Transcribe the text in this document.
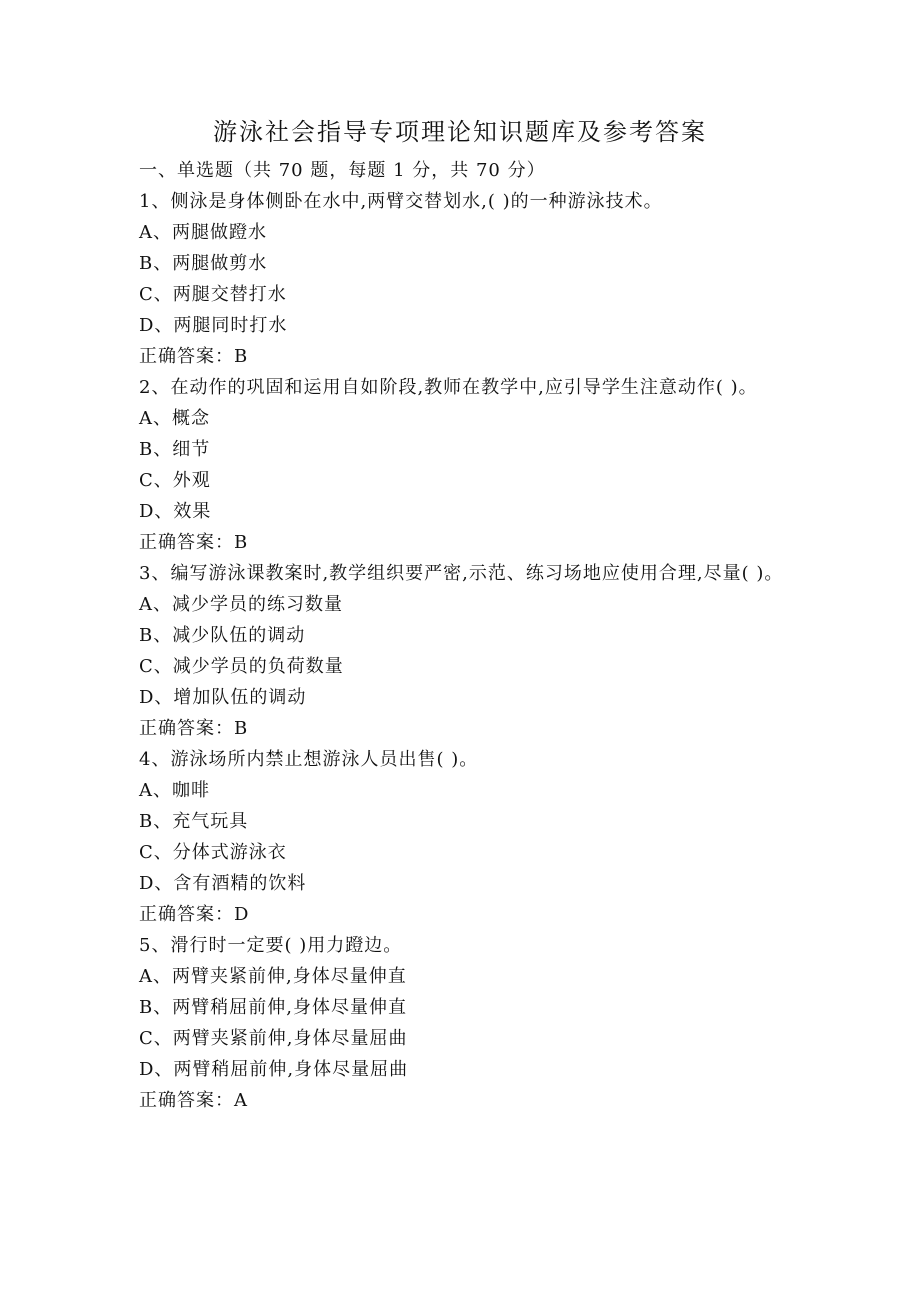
游泳社会指导专项理论知识题库及参考答案
一、单选题（共 70 题，每题 1 分，共 70 分）
1、侧泳是身体侧卧在水中,两臂交替划水,( )的一种游泳技术。
A、两腿做蹬水
B、两腿做剪水
C、两腿交替打水
D、两腿同时打水
正确答案：B
2、在动作的巩固和运用自如阶段,教师在教学中,应引导学生注意动作( )。
A、概念
B、细节
C、外观
D、效果
正确答案：B
3、编写游泳课教案时,教学组织要严密,示范、练习场地应使用合理,尽量( )。
A、减少学员的练习数量
B、减少队伍的调动
C、减少学员的负荷数量
D、增加队伍的调动
正确答案：B
4、游泳场所内禁止想游泳人员出售( )。
A、咖啡
B、充气玩具
C、分体式游泳衣
D、含有酒精的饮料
正确答案：D
5、滑行时一定要( )用力蹬边。
A、两臂夹紧前伸,身体尽量伸直
B、两臂稍屈前伸,身体尽量伸直
C、两臂夹紧前伸,身体尽量屈曲
D、两臂稍屈前伸,身体尽量屈曲
正确答案：A
